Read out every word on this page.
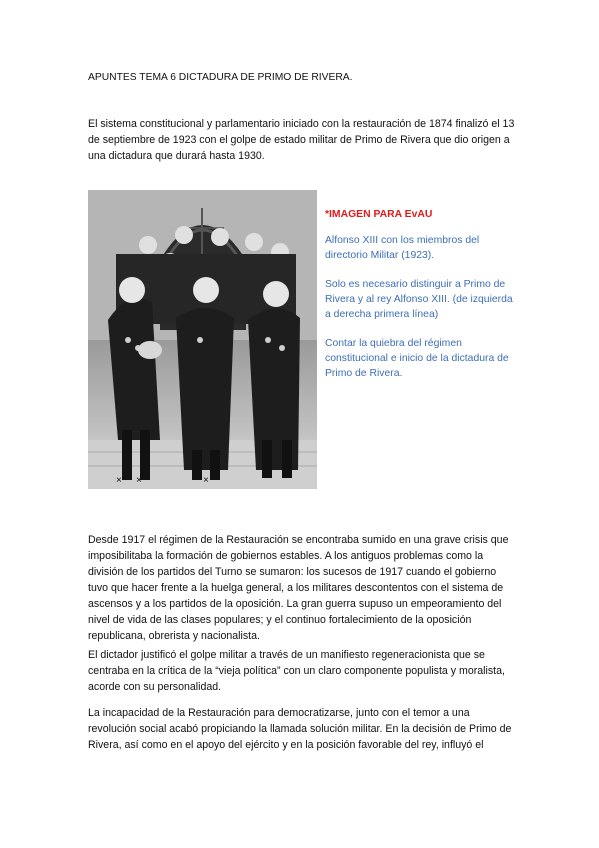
APUNTES TEMA 6 DICTADURA DE PRIMO DE RIVERA.

El sistema constitucional y parlamentario iniciado con la restauración de 1874 finalizó el 13 de septiembre de 1923 con el golpe de estado militar de Primo de Rivera que dio origen a una dictadura que durará hasta 1930.

*IMAGEN PARA EvAU

Alfonso XIII con los miembros del directorio Militar (1923).

Solo es necesario distinguir a Primo de Rivera y al rey Alfonso XIII. (de izquierda a derecha primera línea)

Contar la quiebra del régimen constitucional e inicio de la dictadura de Primo de Rivera.

Desde 1917 el régimen de la Restauración se encontraba sumido en una grave crisis que imposibilitaba la formación de gobiernos estables. A los antiguos problemas como la división de los partidos del Turno se sumaron: los sucesos de 1917 cuando el gobierno tuvo que hacer frente a la huelga general, a los militares descontentos con el sistema de ascensos y a los partidos de la oposición. La gran guerra supuso un empeoramiento del nivel de vida de las clases populares; y el continuo fortalecimiento de la oposición republicana, obrerista y nacionalista.

El dictador justificó el golpe militar a través de un manifiesto regeneracionista que se centraba en la crítica de la “vieja política” con un claro componente populista y moralista, acorde con su personalidad.

La incapacidad de la Restauración para democratizarse, junto con el temor a una revolución social acabó propiciando la llamada solución militar. En la decisión de Primo de Rivera, así como en el apoyo del ejército y en la posición favorable del rey, influyó el

× ×	×
